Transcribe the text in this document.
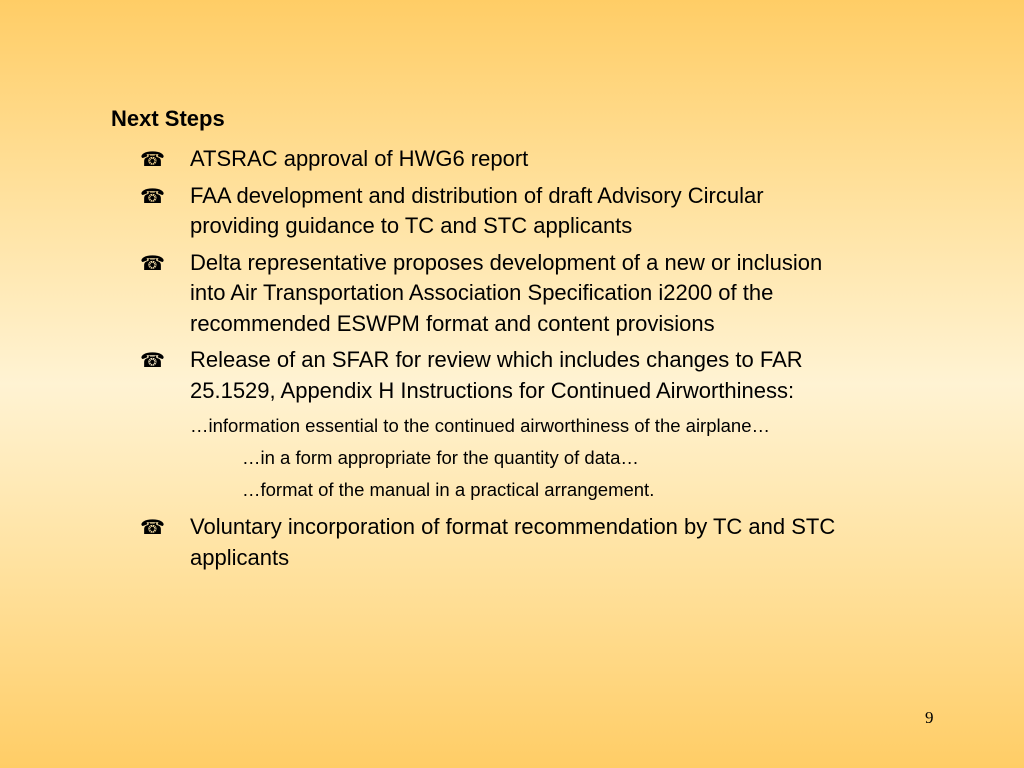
Next Steps
☎ ATSRAC approval of HWG6 report
☎ FAA development and distribution of draft Advisory Circular providing guidance to TC and STC applicants
☎ Delta representative proposes development of a new or inclusion into Air Transportation Association Specification i2200 of the recommended ESWPM format and content provisions
☎ Release of an SFAR for review which includes changes to FAR 25.1529, Appendix H Instructions for Continued Airworthiness:
…information essential to the continued airworthiness of the airplane…
…in a form appropriate for the quantity of data…
…format of the manual in a practical arrangement.
☎ Voluntary incorporation of format recommendation by TC and STC applicants
9
